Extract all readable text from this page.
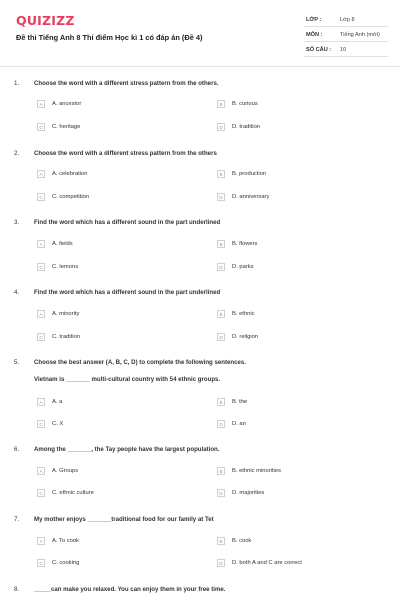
QUIZIZZ
Đề thi Tiếng Anh 8 Thí điểm Học kì 1 có đáp án (Đề 4)
LỚP :	Lớp 8
MÔN :	Tiếng Anh (mới)
SỐ CÂU : 10
1. Choose the word with a different stress pattern from the others.
A	A. ancestor	B	B. curious
C	C. heritage	D	D. tradition
2. Choose the word with a different stress pattern from the others
A	A. celebration	B	B. production
C	C. competition	D	D. anniversary
3. Find the word which has a different sound in the part underlined
A	A. fields	B	B. flowers
C	C. lemons	D	D. parks
4. Find the word which has a different sound in the part underlined
A	A. minority	B	B. ethnic
C	C. tradition	D	D. religion
5. Choose the best answer (A, B, C, D) to complete the following sentences.
Vietnam is _______ multi-cultural country with 54 ethnic groups.
A	A. a	B	B. the
C	C. X	D	D. an
6. Among the _______, the Tay people have the largest population.
A	A. Groups	B	B. ethnic minorities
C	C. ethnic culture	D	D. majorities
7. My mother enjoys _______traditional food for our family at Tet
A	A. To cook	B	B. cook
C	C. cooking	D	D. both A and C are correct
8. _____can make you relaxed. You can enjoy them in your free time.
